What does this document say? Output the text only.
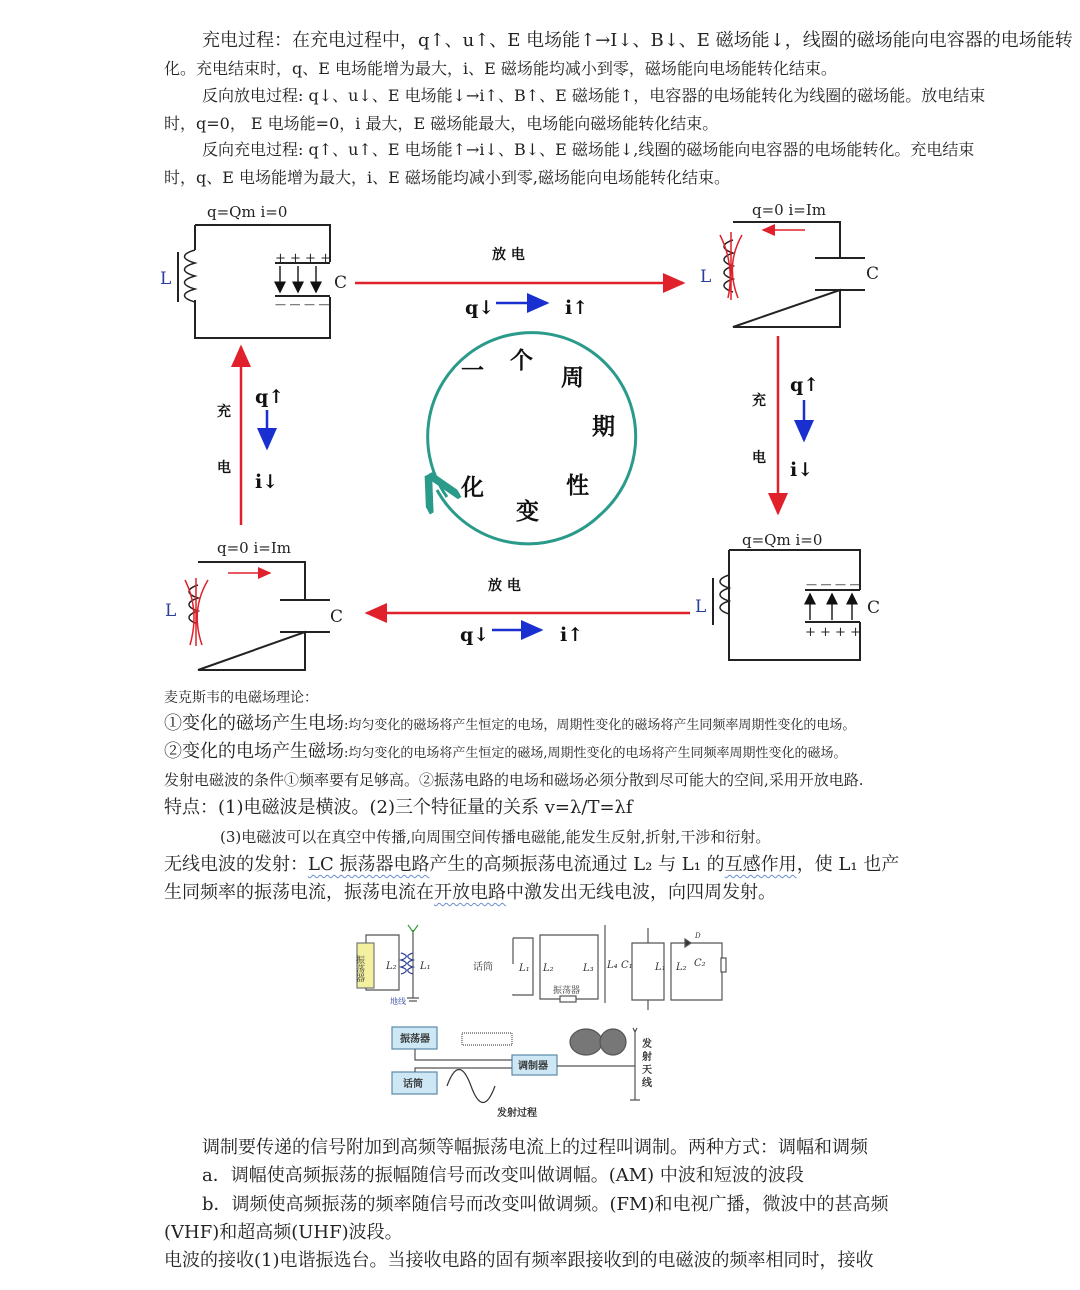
充电过程：在充电过程中，q↑、u↑、E 电场能↑→I↓、B↓、E 磁场能↓，线圈的磁场能向电容器的电场能转
化。充电结束时，q、E 电场能增为最大，i、E 磁场能均减小到零，磁场能向电场能转化结束。
反向放电过程: q↓、u↓、E 电场能↓→i↑、B↑、E 磁场能↑，电容器的电场能转化为线圈的磁场能。放电结束
时，q=0， E 电场能=0，i 最大，E 磁场能最大，电场能向磁场能转化结束。
反向充电过程: q↑、u↑、E 电场能↑→i↓、B↓、E 磁场能↓,线圈的磁场能向电容器的电场能转化。充电结束
时，q、E 电场能增为最大，i、E 磁场能均减小到零,磁场能向电场能转化结束。
q=Qm i=0	q=0 i=Im
q=Qm i=0
q=0 i=Im
+ + + +
— — — —
— — — —
+ + + +
C	C
C
C
L	L
L
L
放 电
放 电
充
电
充
电
q↓	i↑
q↑
i↓
q↓	i↑
q↑
i↓
一 个
周
期
性
变
化
振荡器 L₂ L₁
地线
话筒	L₁ L₂	L₃ L₄
振荡器
C₁ L₁ L₂ C₂
D
振荡器
话筒
调制器
发
射
天
线
发射过程
麦克斯韦的电磁场理论：
①变化的磁场产生电场:均匀变化的磁场将产生恒定的电场，周期性变化的磁场将产生同频率周期性变化的电场。
②变化的电场产生磁场:均匀变化的电场将产生恒定的磁场,周期性变化的电场将产生同频率周期性变化的磁场。
发射电磁波的条件①频率要有足够高。②振荡电路的电场和磁场必须分散到尽可能大的空间,采用开放电路.
特点：(1)电磁波是横波。(2)三个特征量的关系 v=λ/T=λf
(3)电磁波可以在真空中传播,向周围空间传播电磁能,能发生反射,折射,干涉和衍射。
无线电波的发射：LC 振荡器电路产生的高频振荡电流通过 L₂ 与 L₁ 的互感作用，使 L₁ 也产
生同频率的振荡电流，振荡电流在开放电路中激发出无线电波，向四周发射。
调制要传递的信号附加到高频等幅振荡电流上的过程叫调制。两种方式：调幅和调频
a．调幅使高频振荡的振幅随信号而改变叫做调幅。(AM) 中波和短波的波段
b．调频使高频振荡的频率随信号而改变叫做调频。(FM)和电视广播，微波中的甚高频
(VHF)和超高频(UHF)波段。
电波的接收(1)电谐振选台。当接收电路的固有频率跟接收到的电磁波的频率相同时，接收
